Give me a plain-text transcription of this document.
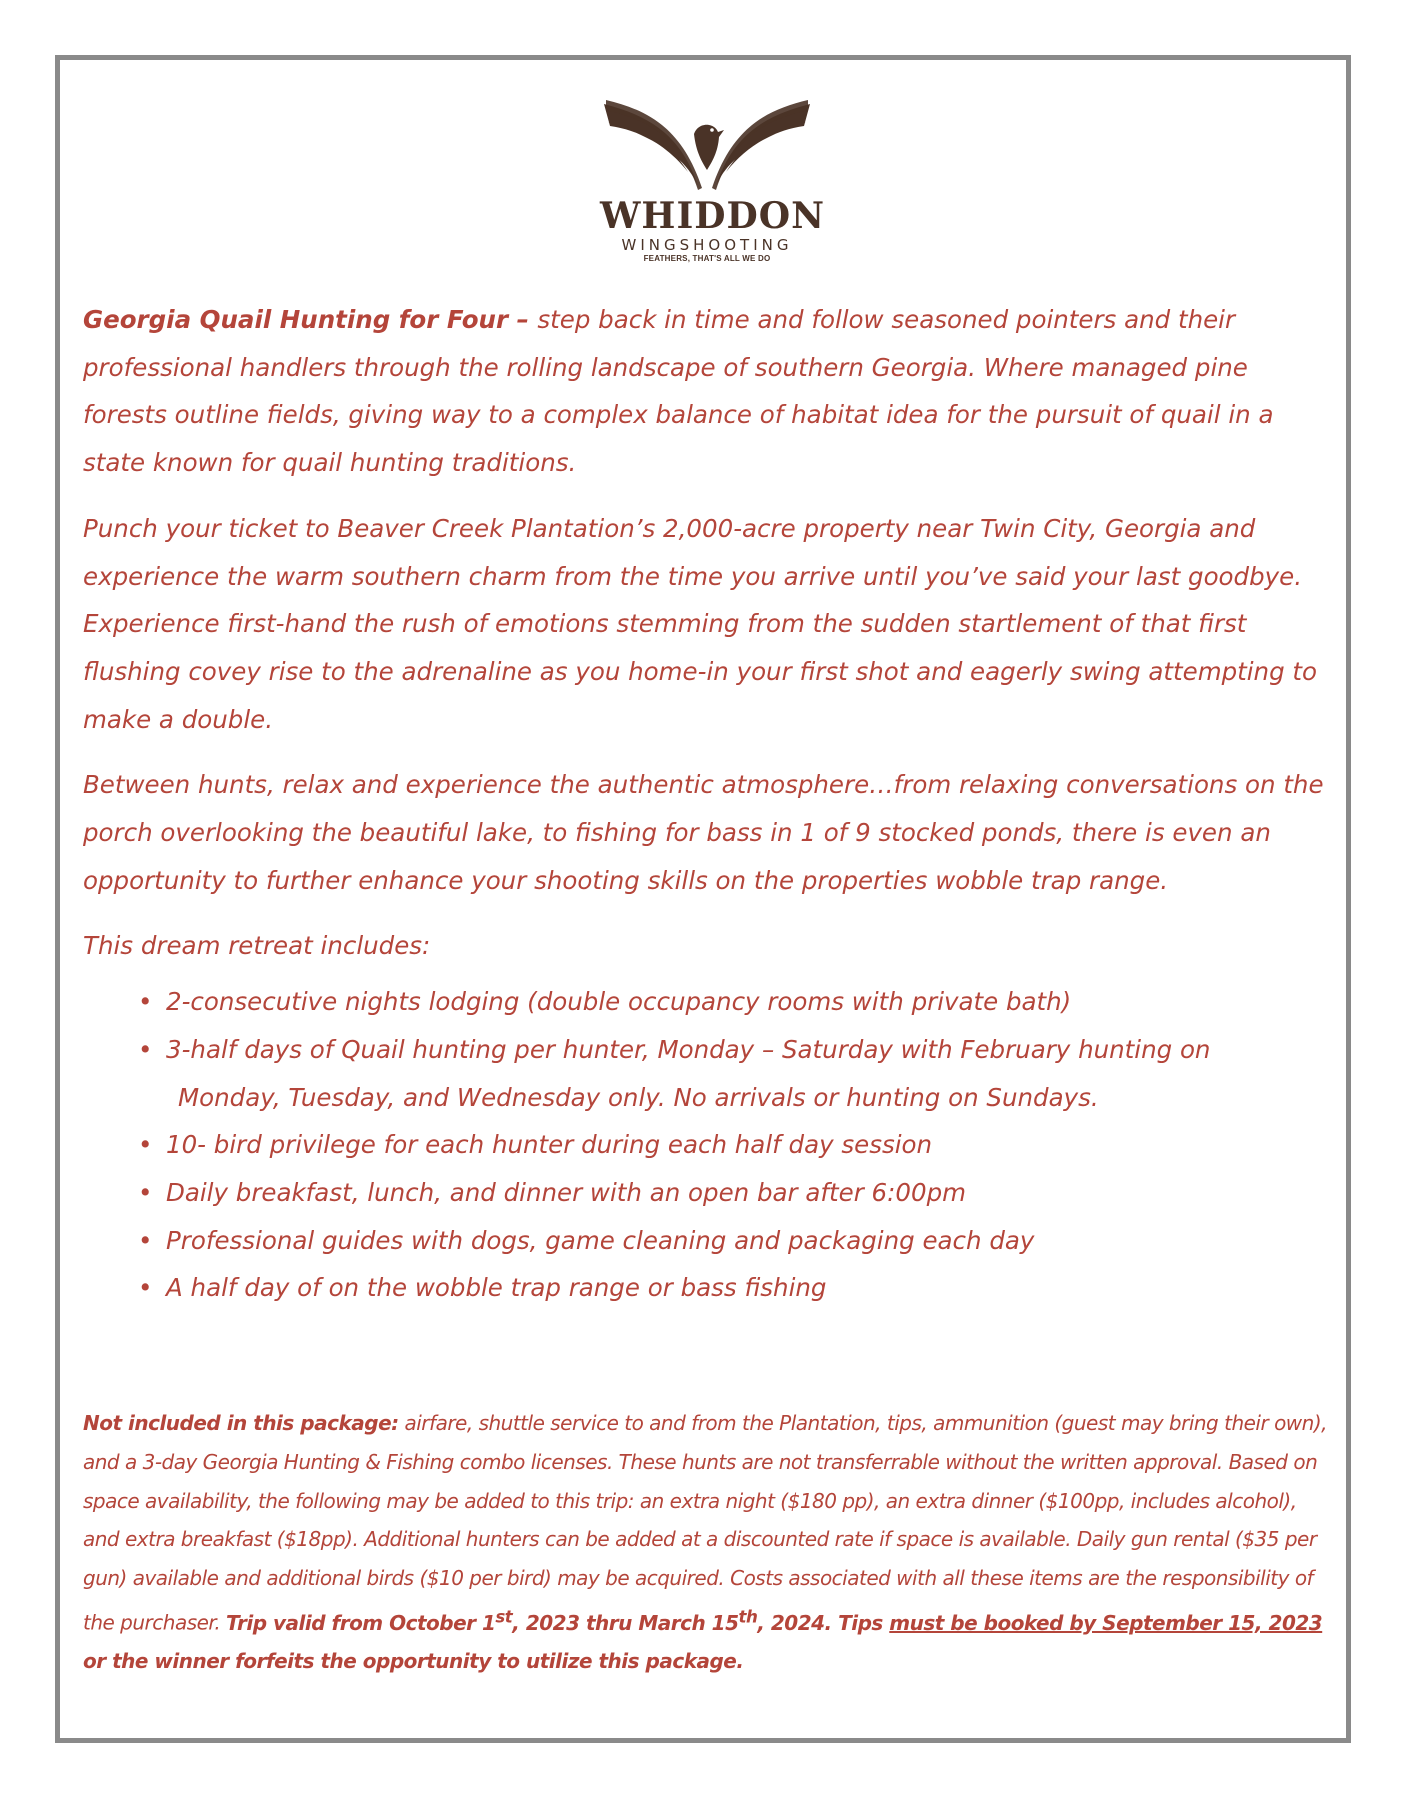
WHIDDON
WINGSHOOTING
FEATHERS, THAT'S ALL WE DO

Georgia Quail Hunting for Four – step back in time and follow seasoned pointers and their professional handlers through the rolling landscape of southern Georgia. Where managed pine forests outline fields, giving way to a complex balance of habitat idea for the pursuit of quail in a state known for quail hunting traditions.

Punch your ticket to Beaver Creek Plantation’s 2,000-acre property near Twin City, Georgia and experience the warm southern charm from the time you arrive until you’ve said your last goodbye. Experience first-hand the rush of emotions stemming from the sudden startlement of that first flushing covey rise to the adrenaline as you home-in your first shot and eagerly swing attempting to make a double.

Between hunts, relax and experience the authentic atmosphere…from relaxing conversations on the porch overlooking the beautiful lake, to fishing for bass in 1 of 9 stocked ponds, there is even an opportunity to further enhance your shooting skills on the properties wobble trap range.

This dream retreat includes:

• 2-consecutive nights lodging (double occupancy rooms with private bath)
• 3-half days of Quail hunting per hunter, Monday – Saturday with February hunting on
Monday, Tuesday, and Wednesday only. No arrivals or hunting on Sundays.
• 10- bird privilege for each hunter during each half day session
• Daily breakfast, lunch, and dinner with an open bar after 6:00pm
• Professional guides with dogs, game cleaning and packaging each day
• A half day of on the wobble trap range or bass fishing
Not included in this package: airfare, shuttle service to and from the Plantation, tips, ammunition (guest may bring their own), and a 3-day Georgia Hunting & Fishing combo licenses. These hunts are not transferrable without the written approval. Based on space availability, the following may be added to this trip: an extra night ($180 pp), an extra dinner ($100pp, includes alcohol), and extra breakfast ($18pp). Additional hunters can be added at a discounted rate if space is available. Daily gun rental ($35 per gun) available and additional birds ($10 per bird) may be acquired. Costs associated with all these items are the responsibility of the purchaser. Trip valid from October 1st, 2023 thru March 15th, 2024. Tips must be booked by September 15, 2023 or the winner forfeits the opportunity to utilize this package.
